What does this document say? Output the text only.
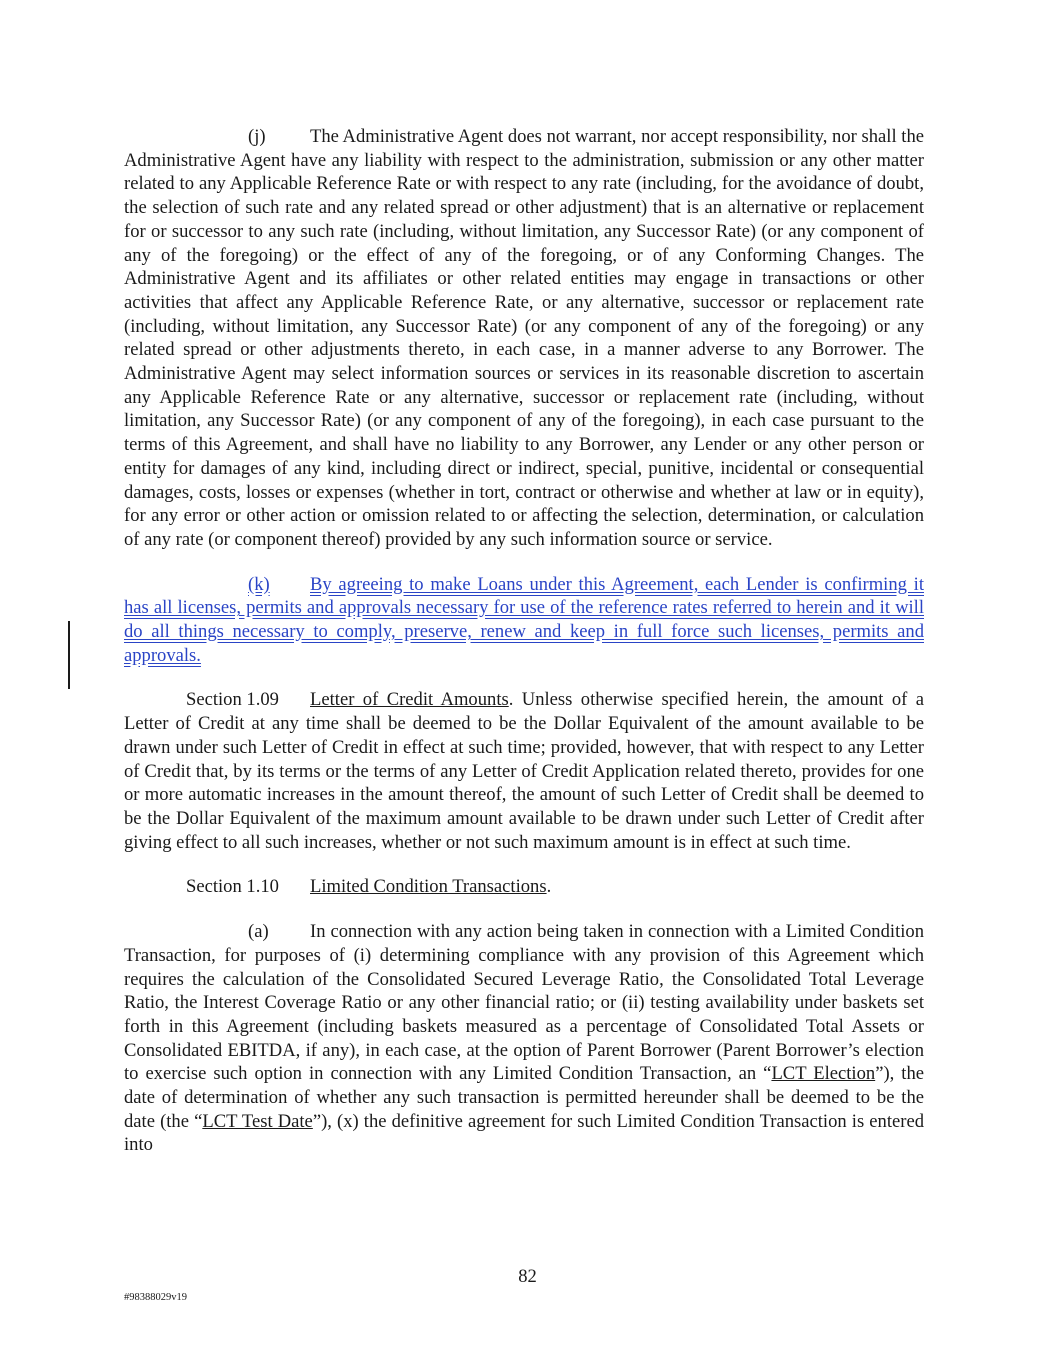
(j) The Administrative Agent does not warrant, nor accept responsibility, nor shall the Administrative Agent have any liability with respect to the administration, submission or any other matter related to any Applicable Reference Rate or with respect to any rate (including, for the avoidance of doubt, the selection of such rate and any related spread or other adjustment) that is an alternative or replacement for or successor to any such rate (including, without limitation, any Successor Rate) (or any component of any of the foregoing) or the effect of any of the foregoing, or of any Conforming Changes. The Administrative Agent and its affiliates or other related entities may engage in transactions or other activities that affect any Applicable Reference Rate, or any alternative, successor or replacement rate (including, without limitation, any Successor Rate) (or any component of any of the foregoing) or any related spread or other adjustments thereto, in each case, in a manner adverse to any Borrower. The Administrative Agent may select information sources or services in its reasonable discretion to ascertain any Applicable Reference Rate or any alternative, successor or replacement rate (including, without limitation, any Successor Rate) (or any component of any of the foregoing), in each case pursuant to the terms of this Agreement, and shall have no liability to any Borrower, any Lender or any other person or entity for damages of any kind, including direct or indirect, special, punitive, incidental or consequential damages, costs, losses or expenses (whether in tort, contract or otherwise and whether at law or in equity), for any error or other action or omission related to or affecting the selection, determination, or calculation of any rate (or component thereof) provided by any such information source or service.

(k) By agreeing to make Loans under this Agreement, each Lender is confirming it has all licenses, permits and approvals necessary for use of the reference rates referred to herein and it will do all things necessary to comply, preserve, renew and keep in full force such licenses, permits and approvals.

Section 1.09 Letter of Credit Amounts. Unless otherwise specified herein, the amount of a Letter of Credit at any time shall be deemed to be the Dollar Equivalent of the amount available to be drawn under such Letter of Credit in effect at such time; provided, however, that with respect to any Letter of Credit that, by its terms or the terms of any Letter of Credit Application related thereto, provides for one or more automatic increases in the amount thereof, the amount of such Letter of Credit shall be deemed to be the Dollar Equivalent of the maximum amount available to be drawn under such Letter of Credit after giving effect to all such increases, whether or not such maximum amount is in effect at such time.

Section 1.10 Limited Condition Transactions.

(a) In connection with any action being taken in connection with a Limited Condition Transaction, for purposes of (i) determining compliance with any provision of this Agreement which requires the calculation of the Consolidated Secured Leverage Ratio, the Consolidated Total Leverage Ratio, the Interest Coverage Ratio or any other financial ratio; or (ii) testing availability under baskets set forth in this Agreement (including baskets measured as a percentage of Consolidated Total Assets or Consolidated EBITDA, if any), in each case, at the option of Parent Borrower (Parent Borrower’s election to exercise such option in connection with any Limited Condition Transaction, an “LCT Election”), the date of determination of whether any such transaction is permitted hereunder shall be deemed to be the date (the “LCT Test Date”), (x) the definitive agreement for such Limited Condition Transaction is entered into

82
#98388029v19
